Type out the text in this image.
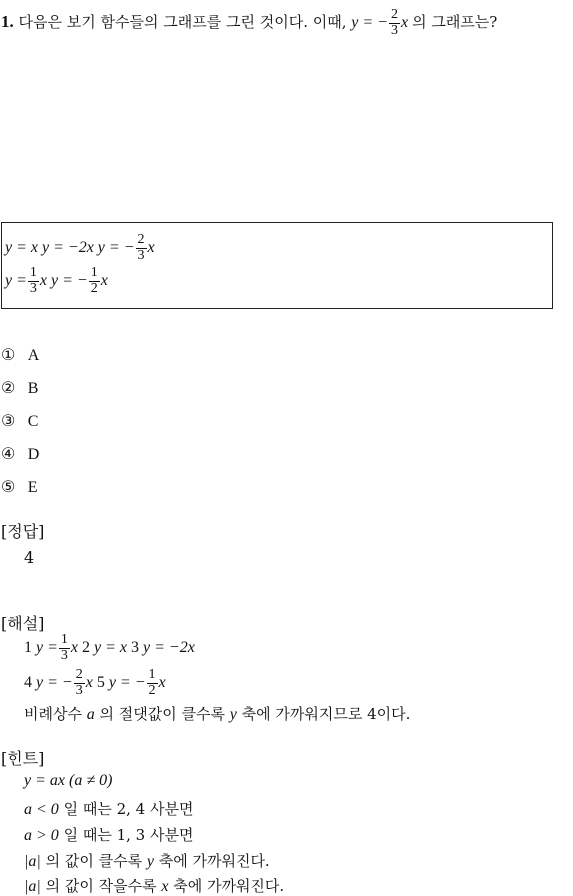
1. 다음은 보기 함수들의 그래프를 그린 것이다. 이때, y = − $\frac{2}{3}$ x 의 그래프는?
y = x y = −2x y = − $\frac{2}{3}$ x
$y = \frac{1}{3}$ x y = − $\frac{1}{2}$ x
① A
② B
③ C
④ D
⑤ E
[정답]
4
[해설]
1 $y = \frac{1}{3}$ x 2 y = x 3 y = −2x
4 y = − $\frac{2}{3}$ x 5 y = − $\frac{1}{2}$ x
비례상수 a 의 절댓값이 클수록 y 축에 가까워지므로 4이다.
[힌트]
y = ax (a ≠ 0)
a < 0 일 때는 2, 4 사분면
a > 0 일 때는 1, 3 사분면
|a| 의 값이 클수록 y 축에 가까워진다.
|a| 의 값이 작을수록 x 축에 가까워진다.
